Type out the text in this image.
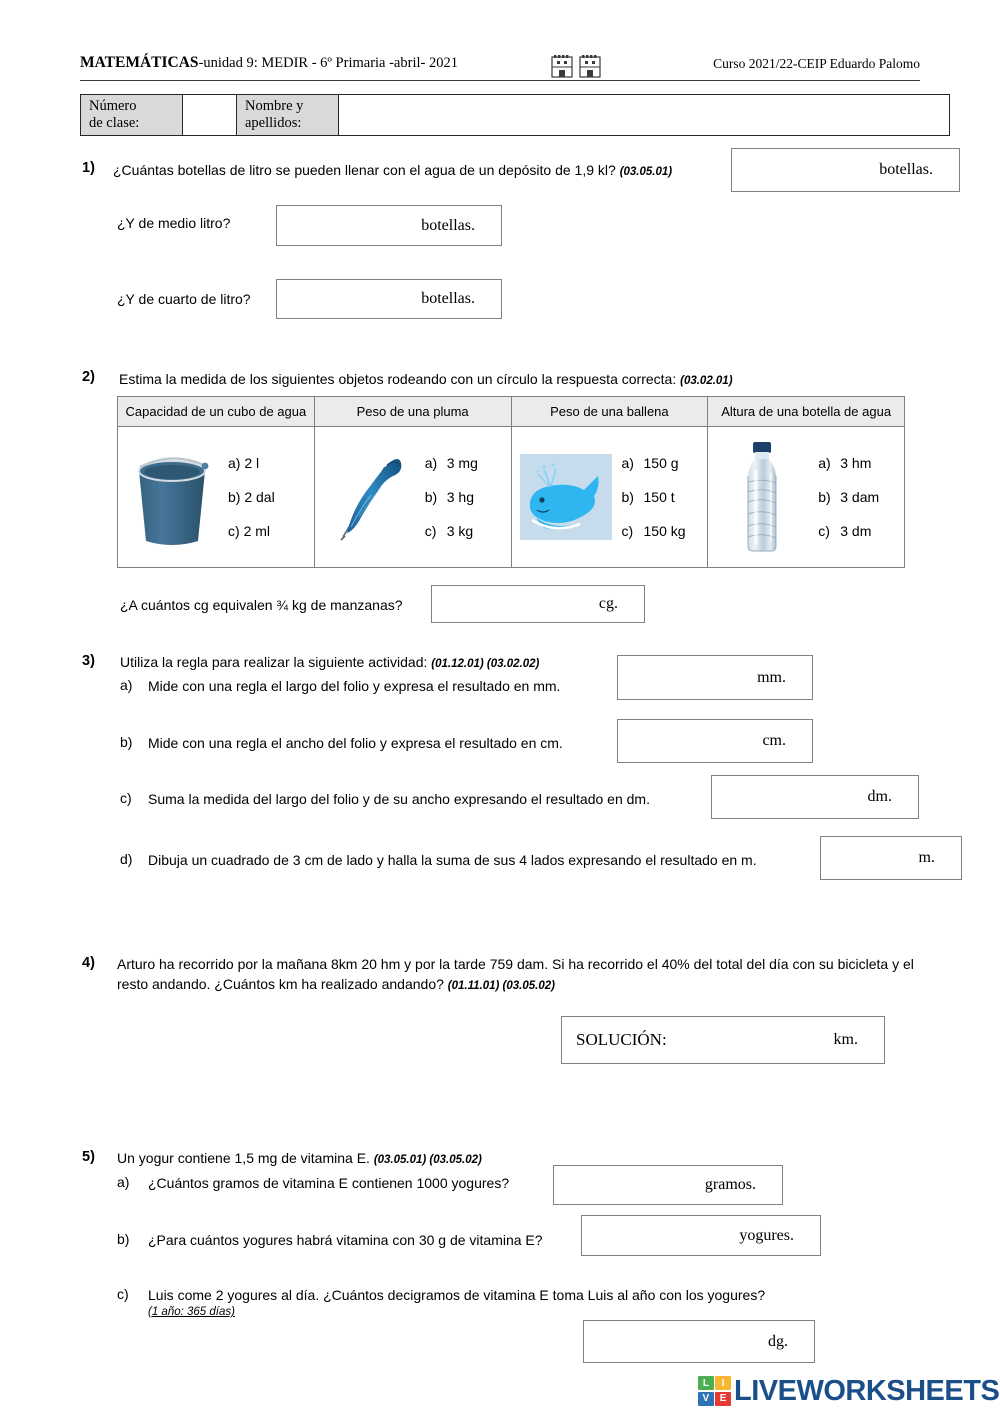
MATEMÁTICAS-unidad 9: MEDIR - 6º Primaria -abril- 2021	Curso 2021/22-CEIP Eduardo Palomo
Número
de clase:
Nombre y
apellidos:
1) ¿Cuántas botellas de litro se pueden llenar con el agua de un depósito de 1,9 kl? (03.05.01)	botellas.
¿Y de medio litro?	botellas.
¿Y de cuarto de litro?	botellas.
2) Estima la medida de los siguientes objetos rodeando con un círculo la respuesta correcta: (03.02.01)
Capacidad de un cubo de agua	Peso de una pluma	Peso de una ballena	Altura de una botella de agua
a) 2 l
b) 2 dal
c) 2 ml
a) 3 mg
b) 3 hg
c) 3 kg
a) 150 g
b) 150 t
c) 150 kg
a) 3 hm
b) 3 dam
c) 3 dm
¿A cuántos cg equivalen ¾ kg de manzanas?	cg.
3) Utiliza la regla para realizar la siguiente actividad: (01.12.01) (03.02.02)
a) Mide con una regla el largo del folio y expresa el resultado en mm.
mm.
b) Mide con una regla el ancho del folio y expresa el resultado en cm.	cm.
c) Suma la medida del largo del folio y de su ancho expresando el resultado en dm.	dm.
d) Dibuja un cuadrado de 3 cm de lado y halla la suma de sus 4 lados expresando el resultado en m.	m.
4) Arturo ha recorrido por la mañana 8km 20 hm y por la tarde 759 dam. Si ha recorrido el 40% del total del día con su bicicleta y el resto andando. ¿Cuántos km ha realizado andando? (01.11.01) (03.05.02)
SOLUCIÓN:	km.
5) Un yogur contiene 1,5 mg de vitamina E. (03.05.01) (03.05.02)
a) ¿Cuántos gramos de vitamina E contienen 1000 yogures?	gramos.
b) ¿Para cuántos yogures habrá vitamina con 30 g de vitamina E?	yogures.
c) Luis come 2 yogures al día. ¿Cuántos decigramos de vitamina E toma Luis al año con los yogures?
(1 año: 365 días)
dg.
L	I
V	E LIVEWORKSHEETS
